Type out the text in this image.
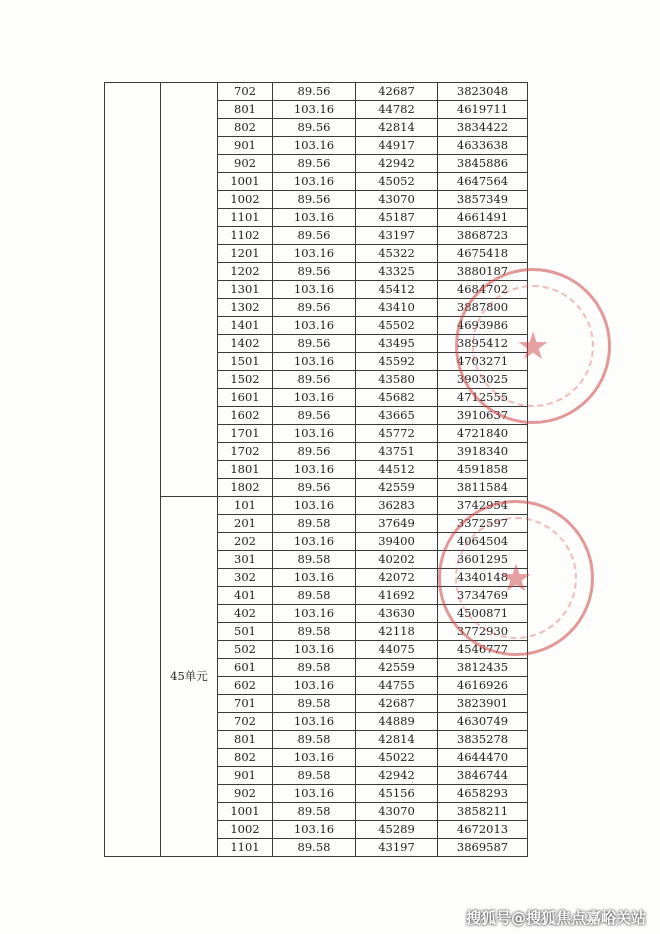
		702	89.56	42687	3823048
		801	103.16	44782	4619711
		802	89.56	42814	3834422
		901	103.16	44917	4633638
		902	89.56	42942	3845886
		1001	103.16	45052	4647564
		1002	89.56	43070	3857349
		1101	103.16	45187	4661491
		1102	89.56	43197	3868723
		1201	103.16	45322	4675418
		1202	89.56	43325	3880187
		1301	103.16	45412	4684702
		1302	89.56	43410	3887800
		1401	103.16	45502	4693986
		1402	89.56	43495	3895412
		1501	103.16	45592	4703271
		1502	89.56	43580	3903025
		1601	103.16	45682	4712555
		1602	89.56	43665	3910637
		1701	103.16	45772	4721840
		1702	89.56	43751	3918340
		1801	103.16	44512	4591858
		1802	89.56	42559	3811584
	45单元	101	103.16	36283	3742954
		201	89.58	37649	3372597
		202	103.16	39400	4064504
		301	89.58	40202	3601295
		302	103.16	42072	4340148
		401	89.58	41692	3734769
		402	103.16	43630	4500871
		501	89.58	42118	3772930
		502	103.16	44075	4546777
		601	89.58	42559	3812435
		602	103.16	44755	4616926
		701	89.58	42687	3823901
		702	103.16	44889	4630749
		801	89.58	42814	3835278
		802	103.16	45022	4644470
		901	89.58	42942	3846744
		902	103.16	45156	4658293
		1001	89.58	43070	3858211
		1002	103.16	45289	4672013
		1101	89.58	43197	3869587
★
★
搜狐号@搜狐焦点嘉峪关站
